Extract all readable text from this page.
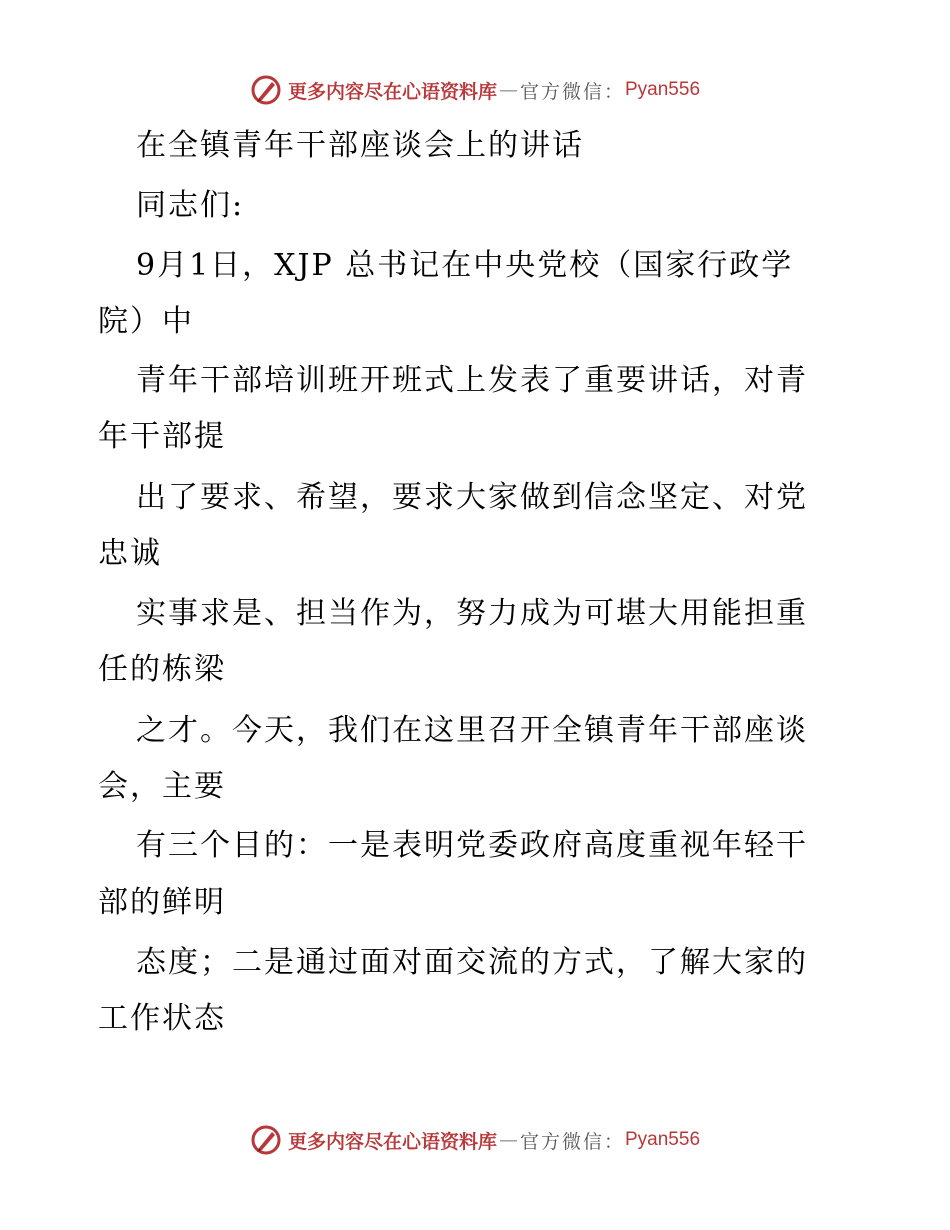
更多内容尽在心语资料库 — 官方微信： Pyan556
在全镇青年干部座谈会上的讲话
同志们:
9月1日，XJP 总书记在中央党校（国家行政学
院）中
青年干部培训班开班式上发表了重要讲话，对青
年干部提
出了要求、希望，要求大家做到信念坚定、对党
忠诚
实事求是、担当作为，努力成为可堪大用能担重
任的栋梁
之才。今天，我们在这里召开全镇青年干部座谈
会，主要
有三个目的：一是表明党委政府高度重视年轻干
部的鲜明
态度；二是通过面对面交流的方式，了解大家的
工作状态
更多内容尽在心语资料库 — 官方微信： Pyan556
